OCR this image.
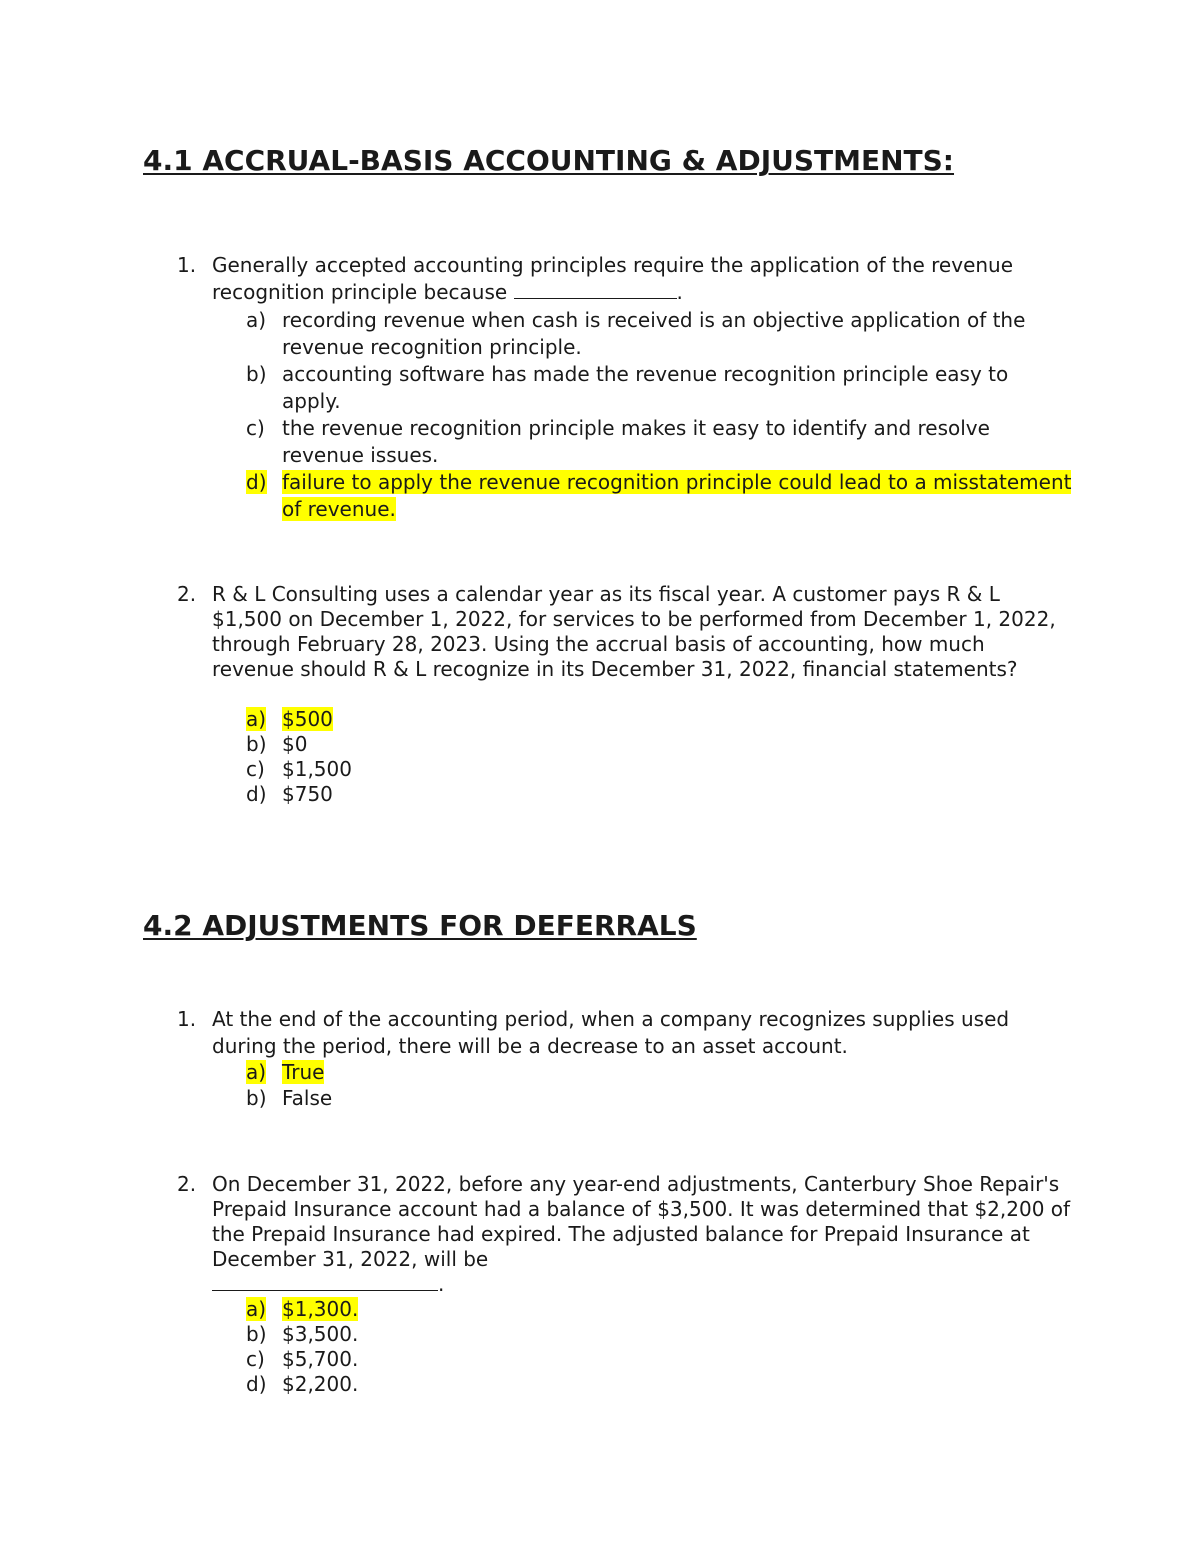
4.1 ACCRUAL-BASIS ACCOUNTING & ADJUSTMENTS:
1. Generally accepted accounting principles require the application of the revenue recognition principle because	.
a) recording revenue when cash is received is an objective application of the revenue recognition principle.
b) accounting software has made the revenue recognition principle easy to apply.
c) the revenue recognition principle makes it easy to identify and resolve revenue issues.
d) failure to apply the revenue recognition principle could lead to a misstatement of revenue.
2. R & L Consulting uses a calendar year as its fiscal year. A customer pays R & L $1,500 on December 1, 2022, for services to be performed from December 1, 2022, through February 28, 2023. Using the accrual basis of accounting, how much revenue should R & L recognize in its December 31, 2022, financial statements?
a) $500
b) $0
c) $1,500
d) $750
4.2 ADJUSTMENTS FOR DEFERRALS
1. At the end of the accounting period, when a company recognizes supplies used during the period, there will be a decrease to an asset account.
a) True
b) False
2. On December 31, 2022, before any year-end adjustments, Canterbury Shoe Repair's Prepaid Insurance account had a balance of $3,500. It was determined that $2,200 of the Prepaid Insurance had expired. The adjusted balance for Prepaid Insurance at December 31, 2022, will be
.
a) $1,300.
b) $3,500.
c) $5,700.
d) $2,200.
